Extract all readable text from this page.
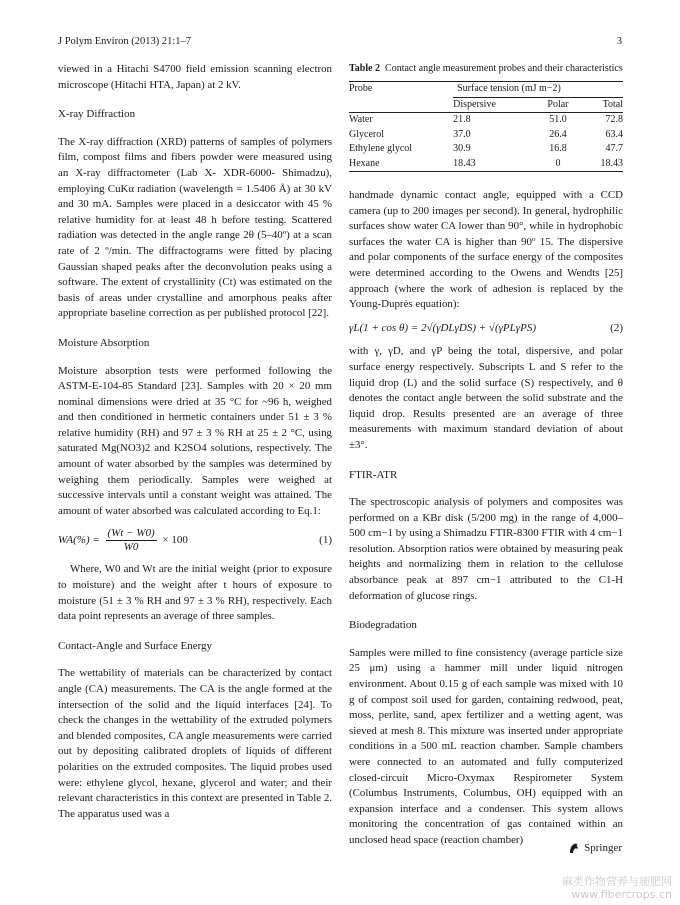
J Polym Environ (2013) 21:1–7	3

viewed in a Hitachi S4700 field emission scanning electron microscope (Hitachi HTA, Japan) at 2 kV.

X-ray Diffraction

The X-ray diffraction (XRD) patterns of samples of polymers film, compost films and fibers powder were measured using an X-ray diffractometer (Lab X- XDR-6000- Shimadzu), employing CuKα radiation (wavelength = 1.5406 Å) at 30 kV and 30 mA. Samples were placed in a desiccator with 45 % relative humidity for at least 48 h before testing. Scattered radiation was detected in the angle range 2θ (5–40º) at a scan rate of 2 º/min. The diffractograms were fitted by placing Gaussian shaped peaks after the deconvolution peaks using a software. The extent of crystallinity (Ct) was estimated on the basis of areas under crystalline and amorphous peaks after appropriate baseline correction as per published protocol [22].

Moisture Absorption

Moisture absorption tests were performed following the ASTM-E-104-85 Standard [23]. Samples with 20 × 20 mm nominal dimensions were dried at 35 °C for ~96 h, weighed and then conditioned in hermetic containers under 51 ± 3 % relative humidity (RH) and 97 ± 3 % RH at 25 ± 2 °C, using saturated Mg(NO3)2 and K2SO4 solutions, respectively. The amount of water absorbed by the samples was determined by weighing them periodically. Samples were weighed at successive intervals until a constant weight was attained. The amount of water absorbed was calculated according to Eq.1:

$WA(\%) = \frac{(Wt - W0)}{W0} \times 100$	(1)

Where, W0 and Wt are the initial weight (prior to exposure to moisture) and the weight after t hours of exposure to moisture (51 ± 3 % RH and 97 ± 3 % RH), respectively. Each data point represents an average of three samples.

Contact-Angle and Surface Energy

The wettability of materials can be characterized by contact angle (CA) measurements. The CA is the angle formed at the intersection of the solid and the liquid interfaces [24]. To check the changes in the wettability of the extruded polymers and blended composites, CA angle measurements were carried out by depositing calibrated droplets of liquids of different polarities on the extruded composites. The liquid probes used were: ethylene glycol, hexane, glycerol and water; and their relevant characteristics in this context are presented in Table 2. The apparatus used was a

Table 2 Contact angle measurement probes and their characteristics
Probe	Surface tension (mJ m−2)		
	Dispersive	Polar	Total
Water	21.8	51.0	72.8
Glycerol	37.0	26.4	63.4
Ethylene glycol	30.9	16.8	47.7
Hexane	18.43	0	18.43

handmade dynamic contact angle, equipped with a CCD camera (up to 200 images per second). In general, hydrophilic surfaces show water CA lower than 90°, while in hydrophobic surfaces the water CA is higher than 90º 15. The dispersive and polar components of the surface energy of the composites were determined according to the Owens and Wendts [25] approach (where the work of adhesion is replaced by the Young-Duprès equation):

γL(1 + cos θ) = 2√(γDLγDS) + √(γPLγPS)	(2)

with γ, γD, and γP being the total, dispersive, and polar surface energy respectively. Subscripts L and S refer to the liquid drop (L) and the solid surface (S) respectively, and θ denotes the contact angle between the solid substrate and the liquid drop. Results presented are an average of three measurements with maximum standard deviation of about ±3°.

FTIR-ATR

The spectroscopic analysis of polymers and composites was performed on a KBr disk (5/200 mg) in the range of 4,000–500 cm−1 by using a Shimadzu FTIR-8300 FTIR with 4 cm−1 resolution. Absorption ratios were obtained by measuring peak heights and normalizing them in relation to the cellulose absorbance peak at 897 cm−1 attributed to the C1-H deformation of glucose rings.

Biodegradation

Samples were milled to fine consistency (average particle size 25 μm) using a hammer mill under liquid nitrogen environment. About 0.15 g of each sample was mixed with 10 g of compost soil used for garden, containing redwood, peat, moss, perlite, sand, apex fertilizer and a wetting agent, was sieved at mesh 8. This mixture was inserted under appropriate conditions in a 500 mL reaction chamber. Sample chambers were connected to an automated and fully computerized closed-circuit Micro-Oxymax Respirometer System (Columbus Instruments, Columbus, OH) equipped with an expansion interface and a condenser. This system allows monitoring the concentration of gas contained within an unclosed head space (reaction chamber)

Springer
麻类作物营养与施肥网
www.fibercrops.cn
